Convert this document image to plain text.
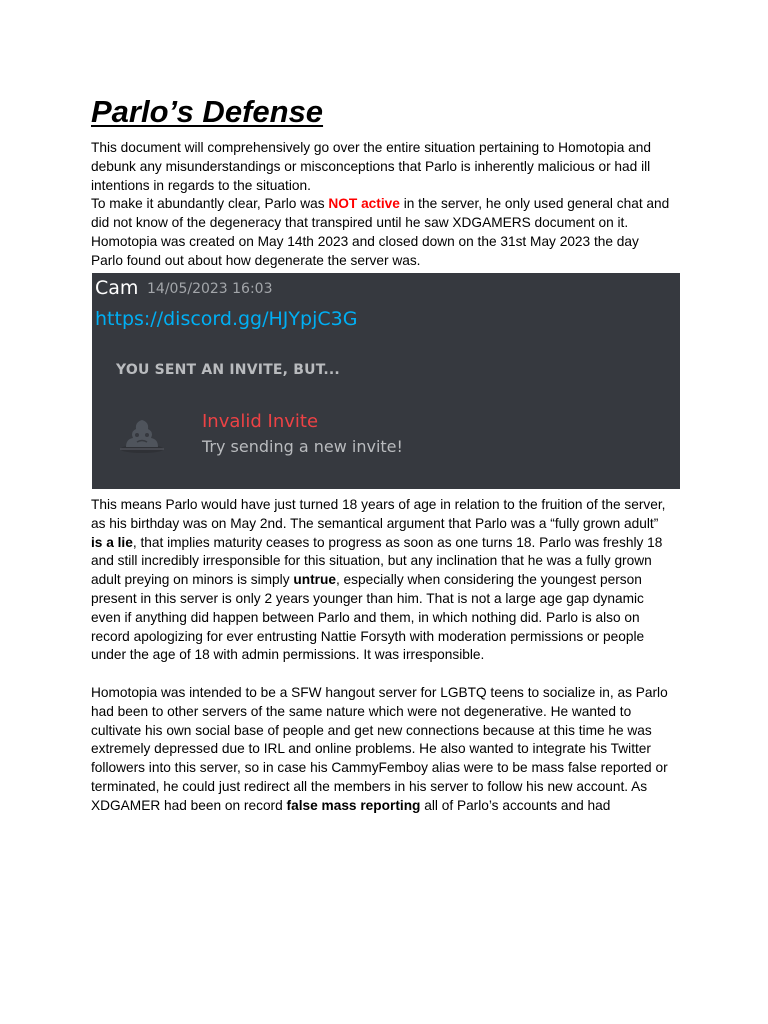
Parlo’s Defense

This document will comprehensively go over the entire situation pertaining to Homotopia and
debunk any misunderstandings or misconceptions that Parlo is inherently malicious or had ill
intentions in regards to the situation.
To make it abundantly clear, Parlo was NOT active in the server, he only used general chat and
did not know of the degeneracy that transpired until he saw XDGAMERS document on it.
Homotopia was created on May 14th 2023 and closed down on the 31st May 2023 the day
Parlo found out about how degenerate the server was.

Cam 14/05/2023 16:03
https://discord.gg/HJYpjC3G
YOU SENT AN INVITE, BUT...
Invalid Invite
Try sending a new invite!

This means Parlo would have just turned 18 years of age in relation to the fruition of the server,
as his birthday was on May 2nd. The semantical argument that Parlo was a “fully grown adult”
is a lie, that implies maturity ceases to progress as soon as one turns 18. Parlo was freshly 18
and still incredibly irresponsible for this situation, but any inclination that he was a fully grown
adult preying on minors is simply untrue, especially when considering the youngest person
present in this server is only 2 years younger than him. That is not a large age gap dynamic
even if anything did happen between Parlo and them, in which nothing did. Parlo is also on
record apologizing for ever entrusting Nattie Forsyth with moderation permissions or people
under the age of 18 with admin permissions. It was irresponsible.

Homotopia was intended to be a SFW hangout server for LGBTQ teens to socialize in, as Parlo
had been to other servers of the same nature which were not degenerative. He wanted to
cultivate his own social base of people and get new connections because at this time he was
extremely depressed due to IRL and online problems. He also wanted to integrate his Twitter
followers into this server, so in case his CammyFemboy alias were to be mass false reported or
terminated, he could just redirect all the members in his server to follow his new account. As
XDGAMER had been on record false mass reporting all of Parlo’s accounts and had
